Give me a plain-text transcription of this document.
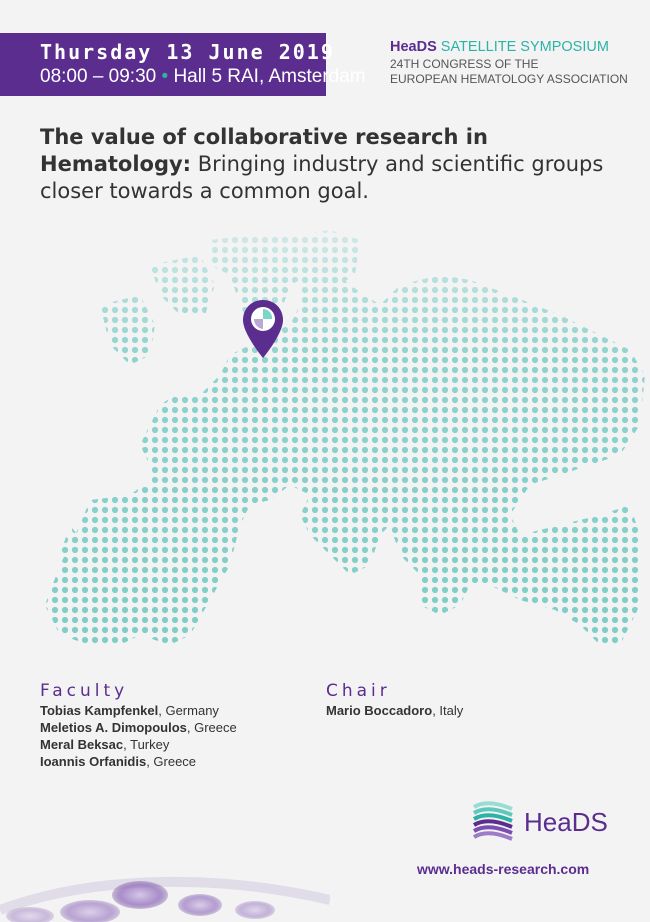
Thursday 13 June 2019
08:00 – 09:30 • Hall 5 RAI, Amsterdam
HeaDS SATELLITE SYMPOSIUM
24TH CONGRESS OF THE
EUROPEAN HEMATOLOGY ASSOCIATION
The value of collaborative research in Hematology: Bringing industry and scientific groups closer towards a common goal.
Faculty
Tobias Kampfenkel, Germany
Meletios A. Dimopoulos, Greece
Meral Beksac, Turkey
Ioannis Orfanidis, Greece
Chair
Mario Boccadoro, Italy
HeaDS
www.heads-research.com
